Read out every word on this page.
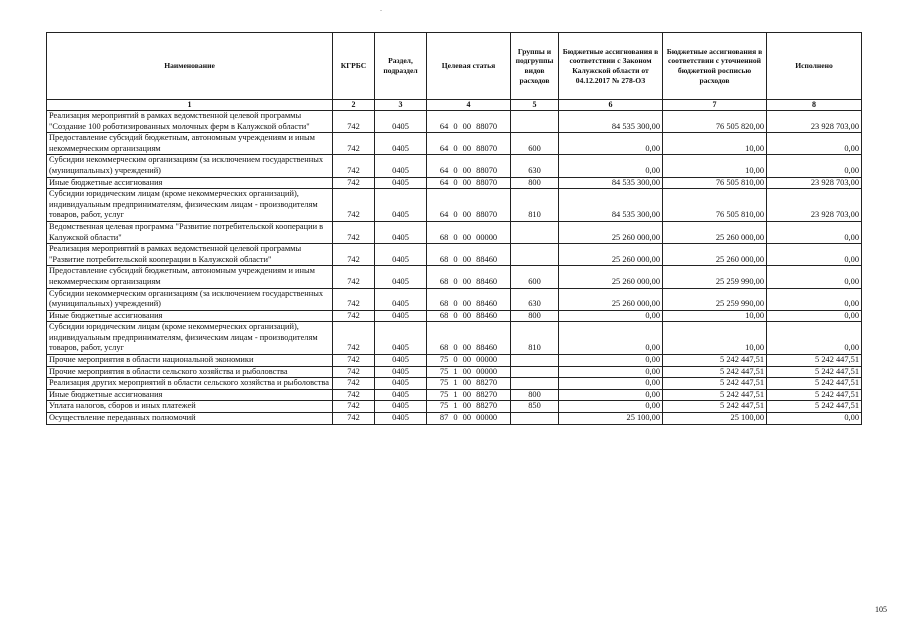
-
Наименование	КГРБС	Раздел, подраздел	Целевая статья	Группы и подгруппы видов расходов	Бюджетные ассигнования в соответствии с Законом Калужской области от 04.12.2017 № 278-ОЗ	Бюджетные ассигнования в соответствии с уточненной бюджетной росписью расходов	Исполнено
1	2	3	4	5	6	7	8
Реализация мероприятий в рамках ведомственной целевой программы "Создание 100 роботизированных молочных ферм в Калужской области"	742	0405	64 0 00 88070		84 535 300,00	76 505 820,00	23 928 703,00
Предоставление субсидий бюджетным, автономным учреждениям и иным некоммерческим организациям	742	0405	64 0 00 88070	600	0,00	10,00	0,00
Субсидии некоммерческим организациям (за исключением государственных (муниципальных) учреждений)	742	0405	64 0 00 88070	630	0,00	10,00	0,00
Иные бюджетные ассигнования	742	0405	64 0 00 88070	800	84 535 300,00	76 505 810,00	23 928 703,00
Субсидии юридическим лицам (кроме некоммерческих организаций), индивидуальным предпринимателям, физическим лицам - производителям товаров, работ, услуг	742	0405	64 0 00 88070	810	84 535 300,00	76 505 810,00	23 928 703,00
Ведомственная целевая программа "Развитие потребительской кооперации в Калужской области"	742	0405	68 0 00 00000		25 260 000,00	25 260 000,00	0,00
Реализация мероприятий в рамках ведомственной целевой программы "Развитие потребительской кооперации в Калужской области"	742	0405	68 0 00 88460		25 260 000,00	25 260 000,00	0,00
Предоставление субсидий бюджетным, автономным учреждениям и иным некоммерческим организациям	742	0405	68 0 00 88460	600	25 260 000,00	25 259 990,00	0,00
Субсидии некоммерческим организациям (за исключением государственных (муниципальных) учреждений)	742	0405	68 0 00 88460	630	25 260 000,00	25 259 990,00	0,00
Иные бюджетные ассигнования	742	0405	68 0 00 88460	800	0,00	10,00	0,00
Субсидии юридическим лицам (кроме некоммерческих организаций), индивидуальным предпринимателям, физическим лицам - производителям товаров, работ, услуг	742	0405	68 0 00 88460	810	0,00	10,00	0,00
Прочие мероприятия в области национальной экономики	742	0405	75 0 00 00000		0,00	5 242 447,51	5 242 447,51
Прочие мероприятия в области сельского хозяйства и рыболовства	742	0405	75 1 00 00000		0,00	5 242 447,51	5 242 447,51
Реализация других мероприятий в области сельского хозяйства и рыболовства	742	0405	75 1 00 88270		0,00	5 242 447,51	5 242 447,51
Иные бюджетные ассигнования	742	0405	75 1 00 88270	800	0,00	5 242 447,51	5 242 447,51
Уплата налогов, сборов и иных платежей	742	0405	75 1 00 88270	850	0,00	5 242 447,51	5 242 447,51
Осуществление переданных полномочий	742	0405	87 0 00 00000		25 100,00	25 100,00	0,00
105
